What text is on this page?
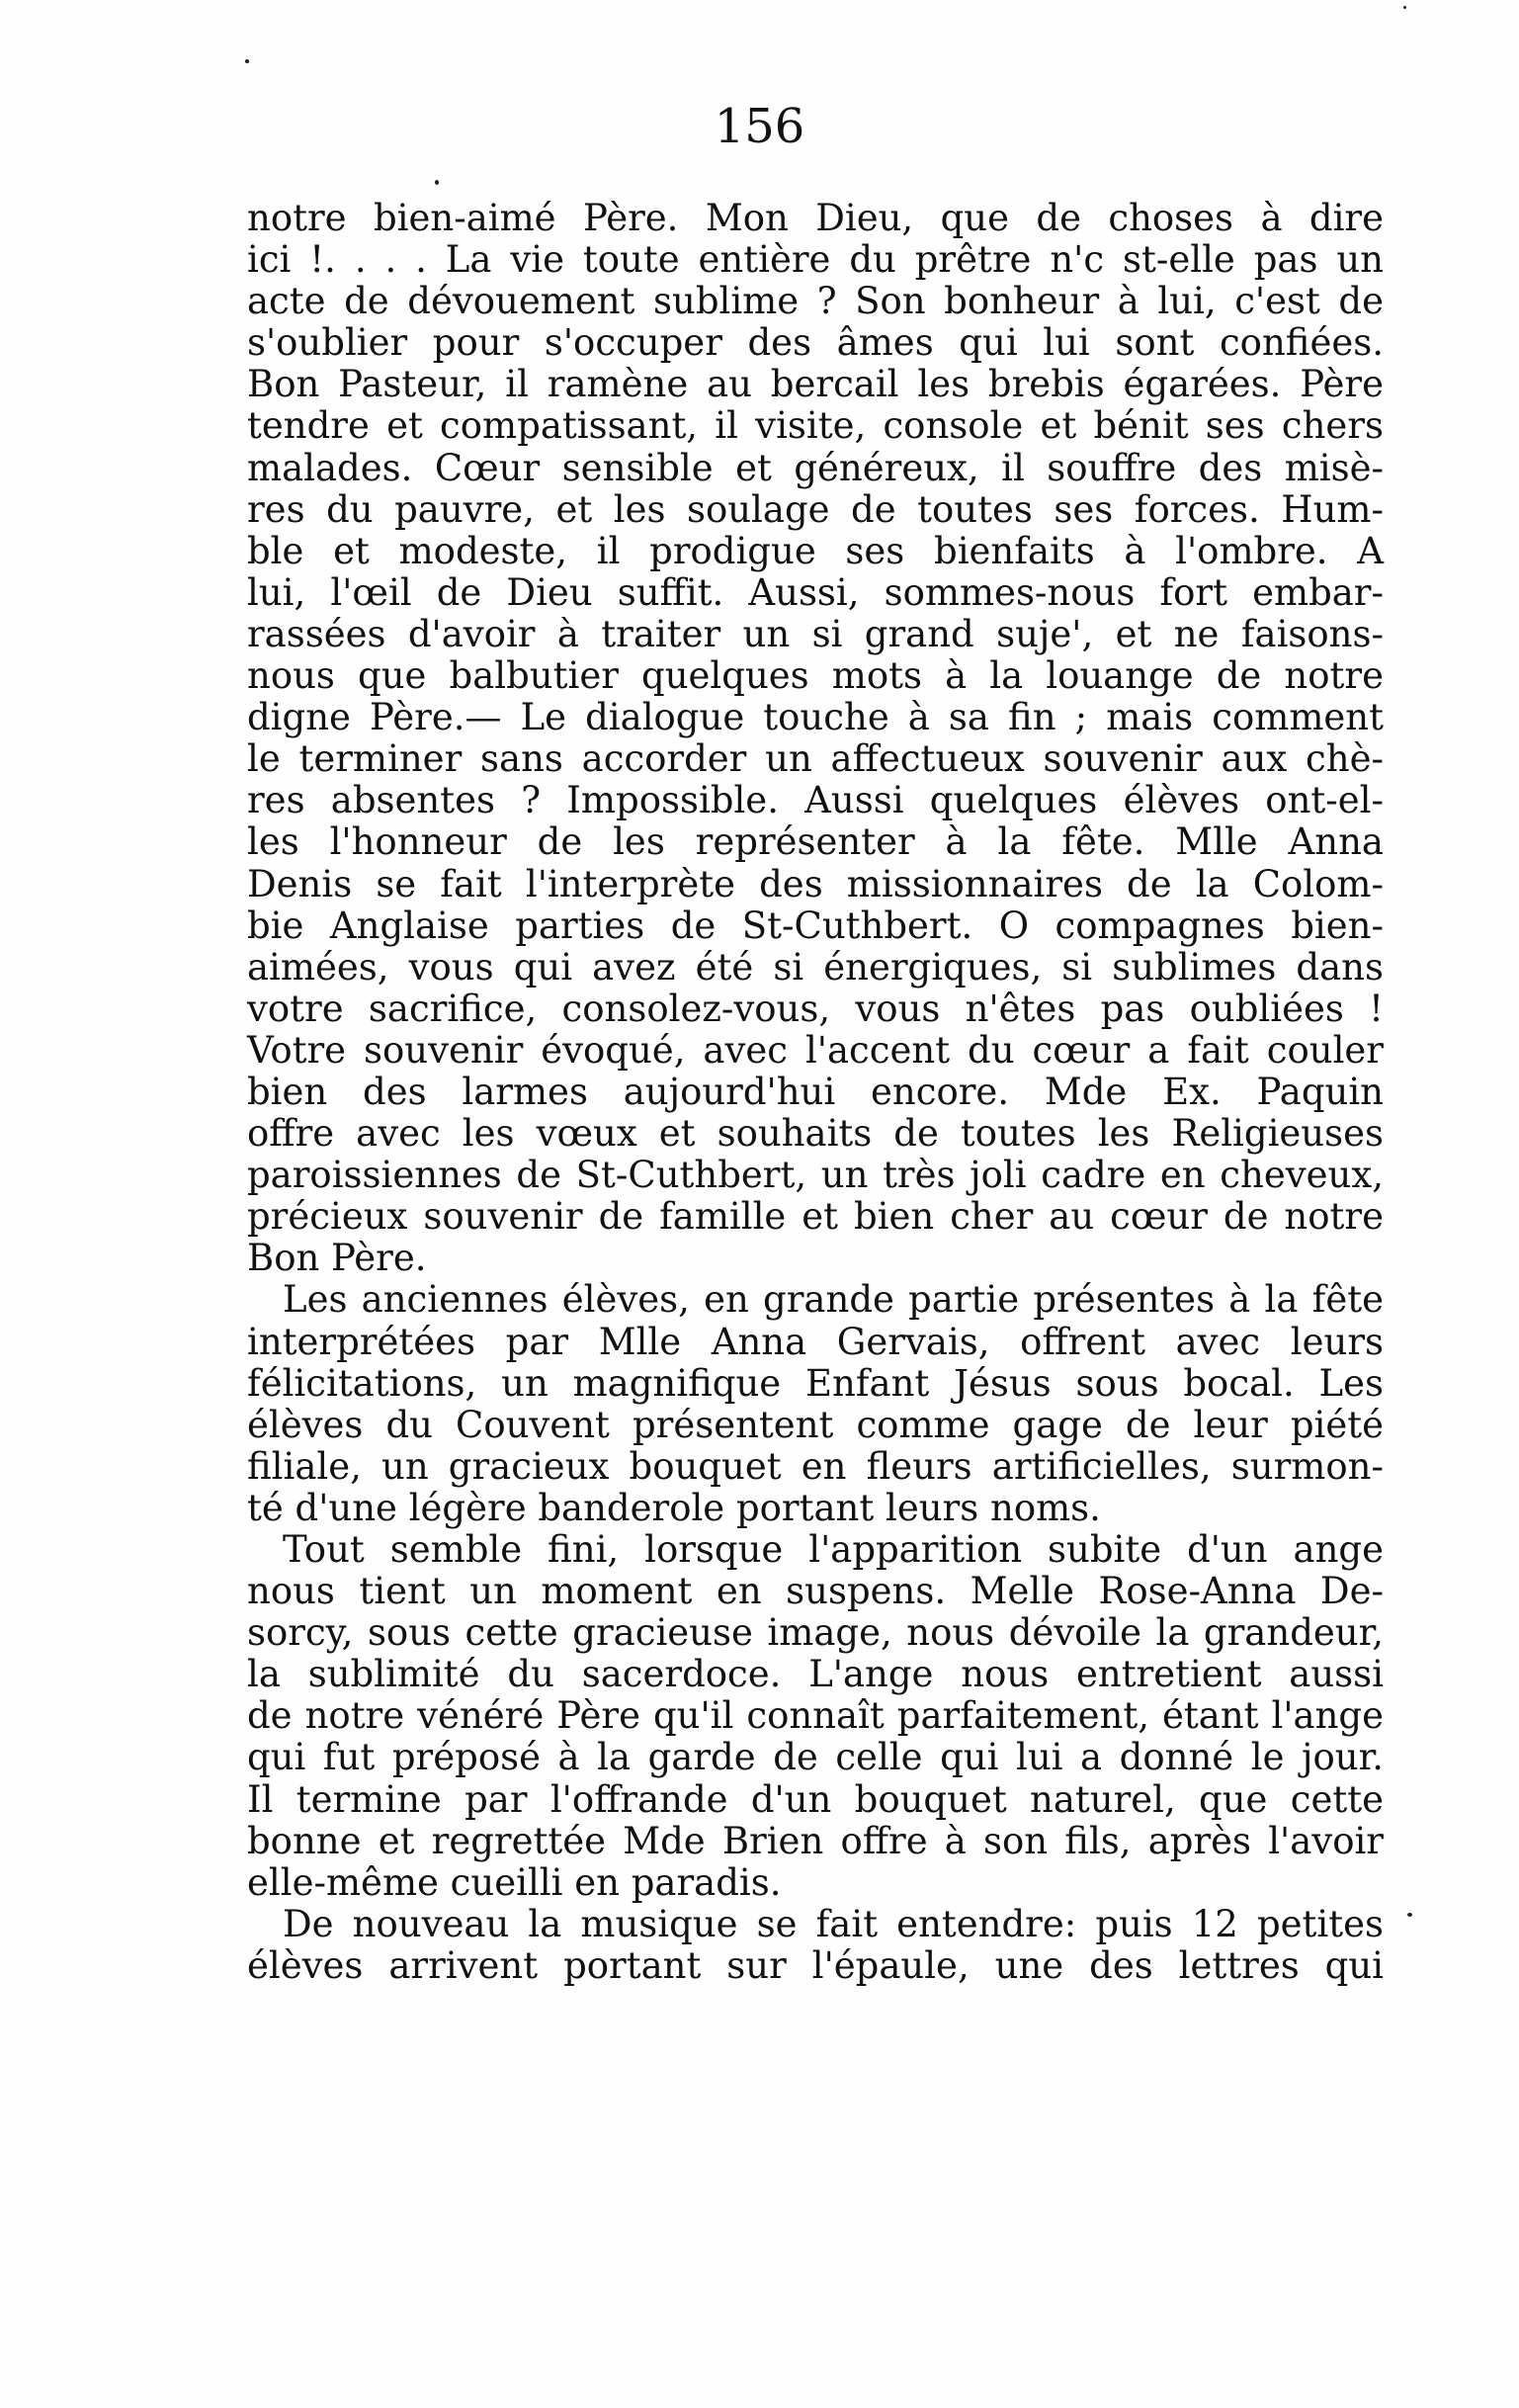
156
notre bien-aimé Père. Mon Dieu, que de choses à dire
ici !. . . . La vie toute entière du prêtre n'c st-elle pas un
acte de dévouement sublime ? Son bonheur à lui, c'est de
s'oublier pour s'occuper des âmes qui lui sont confiées.
Bon Pasteur, il ramène au bercail les brebis égarées. Père
tendre et compatissant, il visite, console et bénit ses chers
malades. Cœur sensible et généreux, il souffre des misè-
res du pauvre, et les soulage de toutes ses forces. Hum-
ble et modeste, il prodigue ses bienfaits à l'ombre. A
lui, l'œil de Dieu suffit. Aussi, sommes-nous fort embar-
rassées d'avoir à traiter un si grand suje', et ne faisons-
nous que balbutier quelques mots à la louange de notre
digne Père.— Le dialogue touche à sa fin ; mais comment
le terminer sans accorder un affectueux souvenir aux chè-
res absentes ? Impossible. Aussi quelques élèves ont-el-
les l'honneur de les représenter à la fête. Mlle Anna
Denis se fait l'interprète des missionnaires de la Colom-
bie Anglaise parties de St-Cuthbert. O compagnes bien-
aimées, vous qui avez été si énergiques, si sublimes dans
votre sacrifice, consolez-vous, vous n'êtes pas oubliées !
Votre souvenir évoqué, avec l'accent du cœur a fait couler
bien des larmes aujourd'hui encore. Mde Ex. Paquin
offre avec les vœux et souhaits de toutes les Religieuses
paroissiennes de St-Cuthbert, un très joli cadre en cheveux,
précieux souvenir de famille et bien cher au cœur de notre
Bon Père.
Les anciennes élèves, en grande partie présentes à la fête
interprétées par Mlle Anna Gervais, offrent avec leurs
félicitations, un magnifique Enfant Jésus sous bocal. Les
élèves du Couvent présentent comme gage de leur piété
filiale, un gracieux bouquet en fleurs artificielles, surmon-
té d'une légère banderole portant leurs noms.
Tout semble fini, lorsque l'apparition subite d'un ange
nous tient un moment en suspens. Melle Rose-Anna De-
sorcy, sous cette gracieuse image, nous dévoile la grandeur,
la sublimité du sacerdoce. L'ange nous entretient aussi
de notre vénéré Père qu'il connaît parfaitement, étant l'ange
qui fut préposé à la garde de celle qui lui a donné le jour.
Il termine par l'offrande d'un bouquet naturel, que cette
bonne et regrettée Mde Brien offre à son fils, après l'avoir
elle-même cueilli en paradis.
De nouveau la musique se fait entendre: puis 12 petites
élèves arrivent portant sur l'épaule, une des lettres qui
